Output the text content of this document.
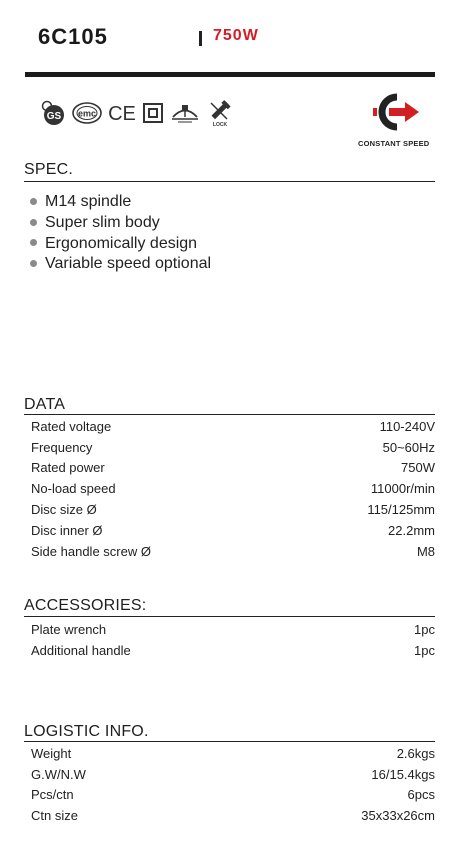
6C105	750W
GS emc CE	LOCK
CONSTANT SPEED
SPEC.
M14 spindle
Super slim body
Ergonomically design
Variable speed optional
DATA
Rated voltage	110-240V
Frequency	50~60Hz
Rated power	750W
No-load speed	11000r/min
Disc size Ø	115/125mm
Disc inner Ø	22.2mm
Side handle screw Ø	M8
ACCESSORIES:
Plate wrench	1pc
Additional handle	1pc
LOGISTIC INFO.
Weight	2.6kgs
G.W/N.W	16/15.4kgs
Pcs/ctn	6pcs
Ctn size	35x33x26cm
